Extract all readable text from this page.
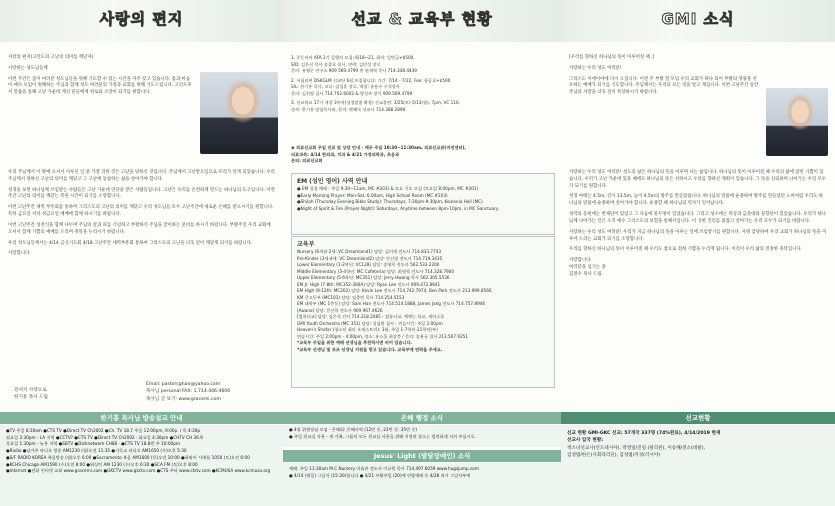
사랑의 편지

사랑의 편지(고린도의 고난의 의미를 깨닫자)

사랑하는 성도님들께

이번 주간은 꼼이 여러분 성도님들을 위해 기도할 수 있는 시간을 자주 갖고 있습니다. 몸과 마음이 예수 모임이 원해하는 주님과 함께 성도 여러분의 가정과 교회를 위해 기도드립니다. 고린도후서 말씀을 통해 고난 가운데 계신 분들에게 위로와 소망이 되기를 원합니다.

우리 주님께서 이 땅에 오셔서 이루신 일 중 가장 귀한 것은 고난을 당하신 것입니다. 주님께서 고난받으심으로 우리가 살게 되었습니다. 우리 주님께서 당하신 고난의 의미를 깨닫고 그 고난에 동참하는 삶을 살아가야 합니다.

성경을 보면 하나님께 쓰임받는 사람들은 고난 가운데 연단을 받은 사람들입니다. 고난은 우리를 온전하게 만드는 하나님의 도구입니다. 이번 주간 고난의 의미를 깨닫는 복된 시간이 되기를 소망합니다.

이번 고난주간 새벽 부흥회를 통하여 그리스도의 고난의 의미를 깨닫고 우리 성도님들 모두 고난주간에 새로운 은혜를 받으시기를 원합니다. 특히 금요일 저녁 성금요일 예배에 함께 하시기를 바랍니다.

이번 고난주간 성찬식을 함께 나누며 주님의 살과 피를 기념하고 부활하신 주님을 맞이하는 준비를 하시기 바랍니다. 부활주일 우리 교회에 오셔서 함께 기쁨의 예배를 드리며 축복을 누리시기 바랍니다.

우리 성도님들께서는 4/14 금식기도회 4/18 고난주간 새벽부흥회 통하여 그리스도의 고난을 더욱 깊이 깨닫게 되기를 바랍니다.

사랑합니다.

강서지 사랑으로
한기흥 목사 드림
Email: pastorcghan@yahoo.com
목사님 personal FAX: 1.714.446.4606
목사님 글 보기: www.gracemi.com
한기흥 목사님 방송설교 안내
●TV 주일 8:30am ●CTS TV ●Direct TV Ch2002 ●Ch. TV 18.7 주일 12:00pm, 9:00p. / 목 4:30p
월요일 2:30pm - LA 지역 ●CCTV? ●CTS TV ●Direct TV Ch2002 · 화요일 4:30pm ●CHTV CH 36.9
목요일 1:30pm - 뉴욕 지역 ●SBTV ●Dishnetwork CH88 · ●CTS TV 18.8번 주 10:00pm
●Radio ●남가주 라디오 방송 AM1230 (월)오전 11:35 ●기독교 라디오 AM1650 (수)오후 5:30
●S/F RADIO KOREA 복음방송 (월)오후 6:00 ●Sacramento 복음 AM1600 (목)오전 10:00 ●하와이 시애틀 1050 (토)오전 6:00
●KCHS Chicago AM1590 (수)오전 8:00 ●워싱턴 AM 1230 (수)오후 6:30 ●SCA FM (토)오후 8:00
●Internet ●전화 인터넷 교회 www.gracemi.com ●GKCTV www.gkctv.com ●CTS 주파 www.ctstv.com ●KCMUSA www.kcmusa.org
선교 & 교육부 현황
1. 중동비어 AFA 1기 일행의 모집: 6/18~21, 회비: 일반금+$500,
S/D: 김은선 목사 송종호 목사, 연락: 김민성 장로
문의: 유행순 연구소 909 569.4799 총 권재혁 목사 714.348.4439
2. 서필리핀 DSKGLM 선교단 6월 모집합니다: 기간: 7/14 - 7/22, Fee: 항공료+$500
S/L: 한기홍 목사, 코디: 김성훈 장로, 역할: 유용수 수석장사
문의: 김선영 집사 714.702.6002 & 방성주 장사 909.569.4799
3. 선교학교 17기 개강 3주차(성경말씀 확장) 선교훈련: 3/25(토)-5/13(월), 7pm, VC 116,
강사: 한기홍 담임목사외, 문의: 박혜숙 선교사 714.388.2896
◉ 의료선교회 주일 진료 및 상담 안내 - 매주 주일 10:30~11:30am, 의료선교관(비전센터),
의료과목: 4/14 한의과, 치과 & 4/21 가정의학과, 초음과
문의: 의료선교회
EM (성인 영어) 사역 안내
● EM 성경 예배 : 주일 9:30~11am, MC #203) & 토요 기도 모임 (토요일 8:00pm, MC #201)
●Early Morning Prayer: Mon-Sat, 6:00am, High School Room (MC #203)
●Shiloh (Thursday Evening Bible Study): Thursdays, 7:30pm-9:30pm, Koinonia Hall (MC)
●Night of Spirit & Fire (Prayer Night): Saturdays, Anytime between 8pm-10pm, in MC Sanctuary.
교육부
Nursery (6개월-2세: VC Dreamland1) 담당: 김미애 전도사 714.833.7743
Pre-Kinder (3세-4세: VC Dreamland2) 담당: 안신영 전도사 714.719.3435
Lower Elementary (1-2학년: VC128) 담당: 송영희 전도사 562.533.2200
Middle Elementary (3-4학년: MC Cafeteria) 담당: 최원혁 전도사 714.328.7900
Upper Elementary (5-6학년: MC351) 담당: Jerry Hwang 목사 562.305.5536
EM Jr. High (7-8th: MC352-300A) 담당: Ryan Lee 전도사 909.472.8641
EM High (9-12th: MC202) 담당: Kevin Lee 전도사 714.742.7974, Ben Park 전도사 213.999.8566
KM 중고등부 (MC101) 담당: 임종민 목사 714.254.5153
EM 대학부 (MC 1층동) 담당: Sam Han 전도사 714.514.1888, James Jang 전도사 714.757.8946
[Awana] 담당: 문신희 전도사 909.967.4626
[컴퓨터교] 담당: 김은석 간사 714.318.2085 - 컴퓨터교, 예체능 학교, 새터스쿨
GMI Youth Orchestra (MC 351) 담당: 성심원 집사 - 연습시간: 주일 2:00pm
Heaven's Shofar (청소년 취타 오케스트라): 3월, 주일 1-7학년-11학년(부)
연습시간: 주일 2:00pm - 4:00pm, 장소: 유스홀 최상층 / 문의: 송용규 집사 213.507.9251
*교육부 주일을 위한 예배 선생님을 추천하시면 비어 있습니다.
*교육부 선생님 및 보조 선생님 지원을 받고 있습니다. 교육부에 연락을 주세요.
은혜 행정 소식
● 4월 위원장님 모임 - 은혜회: 은혜사역 (12번 중, 23번 중, 35번 중)
● 주일 친교실 사용 - 세 가족, 그룹의 모든 친교실 사용을 위해 지정된 장소는 엄격하게 지켜 주십시오.
Jesus' Light (발달장애인) 소식
예배: 주일 11:30am M.C Nursery 미술관 전도사 이규원 목사 714.497.6059 www.hugsjump.com
● 4/14 (월일) 그날자 (15-20)합니다 ● 4/21 부활주일 (20)에 연합예배 등 4/28 리시 그날자부에
GMI 소식

[우리를 향하신 하나님의 뜻이 이루어질 때..]

사랑하는 우리 성도 여러분!

그리스도 이에이아에 다시 오십니다. 이번 주 부활 절 모임 우리 교회가 하나 되어 부활의 영광을 선포하는 예배가 되기를 기도합니다. 주님께서는 우리의 모든 것을 알고 계십니다. 이번 고난주간 동안 주님의 사랑을 더욱 깊이 묵상하시기 바랍니다.

사랑하는 우리 성도 여러분! 성도의 삶은 하나님의 뜻을 이루며 사는 삶입니다. 하나님의 뜻이 이루어질 때 우리의 삶에 참된 기쁨이 있습니다. 우리가 고난 가운데 있을 때에도 하나님의 뜻은 선하시고 우리를 향하신 계획이 있습니다. 그 뜻을 신뢰하며 나아가는 우리 모두가 되기를 원합니다.

성경 마태는 4.5m, 길이 13.5m, 높이 4.5m의 방주를 만들었습니다. 하나님의 말씀에 순종하여 방주를 만들었던 노아처럼 우리도 하나님의 말씀에 순종하며 살아가야 합니다. 순종할 때 하나님의 역사가 일어납니다.

성막의 동편에는 번제단이 있었고 그 다음에 물두멍이 있었습니다. 그리고 성소에는 떡상과 금촛대와 분향단이 있었습니다. 우리가 하나님께 나아가는 길은 오직 예수 그리스도의 보혈을 통해서입니다. 이 귀한 진리를 붙잡고 살아가는 우리 모두가 되기를 바랍니다.

사랑하는 우리 성도 여러분! 우리가 지금 하나님의 뜻을 이루는 일에 쓰임받기를 원합니다. 사명 감당하며 우리 교회가 하나님의 뜻을 이루어 드리는 교회가 되기를 소망합니다.

우리를 향하신 하나님의 뜻이 이루어질 때 우리도 참으로 전혀 기쁨을 누리게 됩니다. 이것이 우리 삶의 진정한 축복입니다.

사랑합니다.

여러분을 섬기는 종

김철수 목사 드림.

선교현황
선교 현황 GMI-GKC 선교: 57개국 337명 (74%완료), 4/14/2019 현재
선교사 입국 현황:
정소녀선교사(인도네시아), 박영일/진일 (필리핀), 이송해/전소(네팔),
김성범/한은(사회라리딘), 김성범/지경(러시아)
